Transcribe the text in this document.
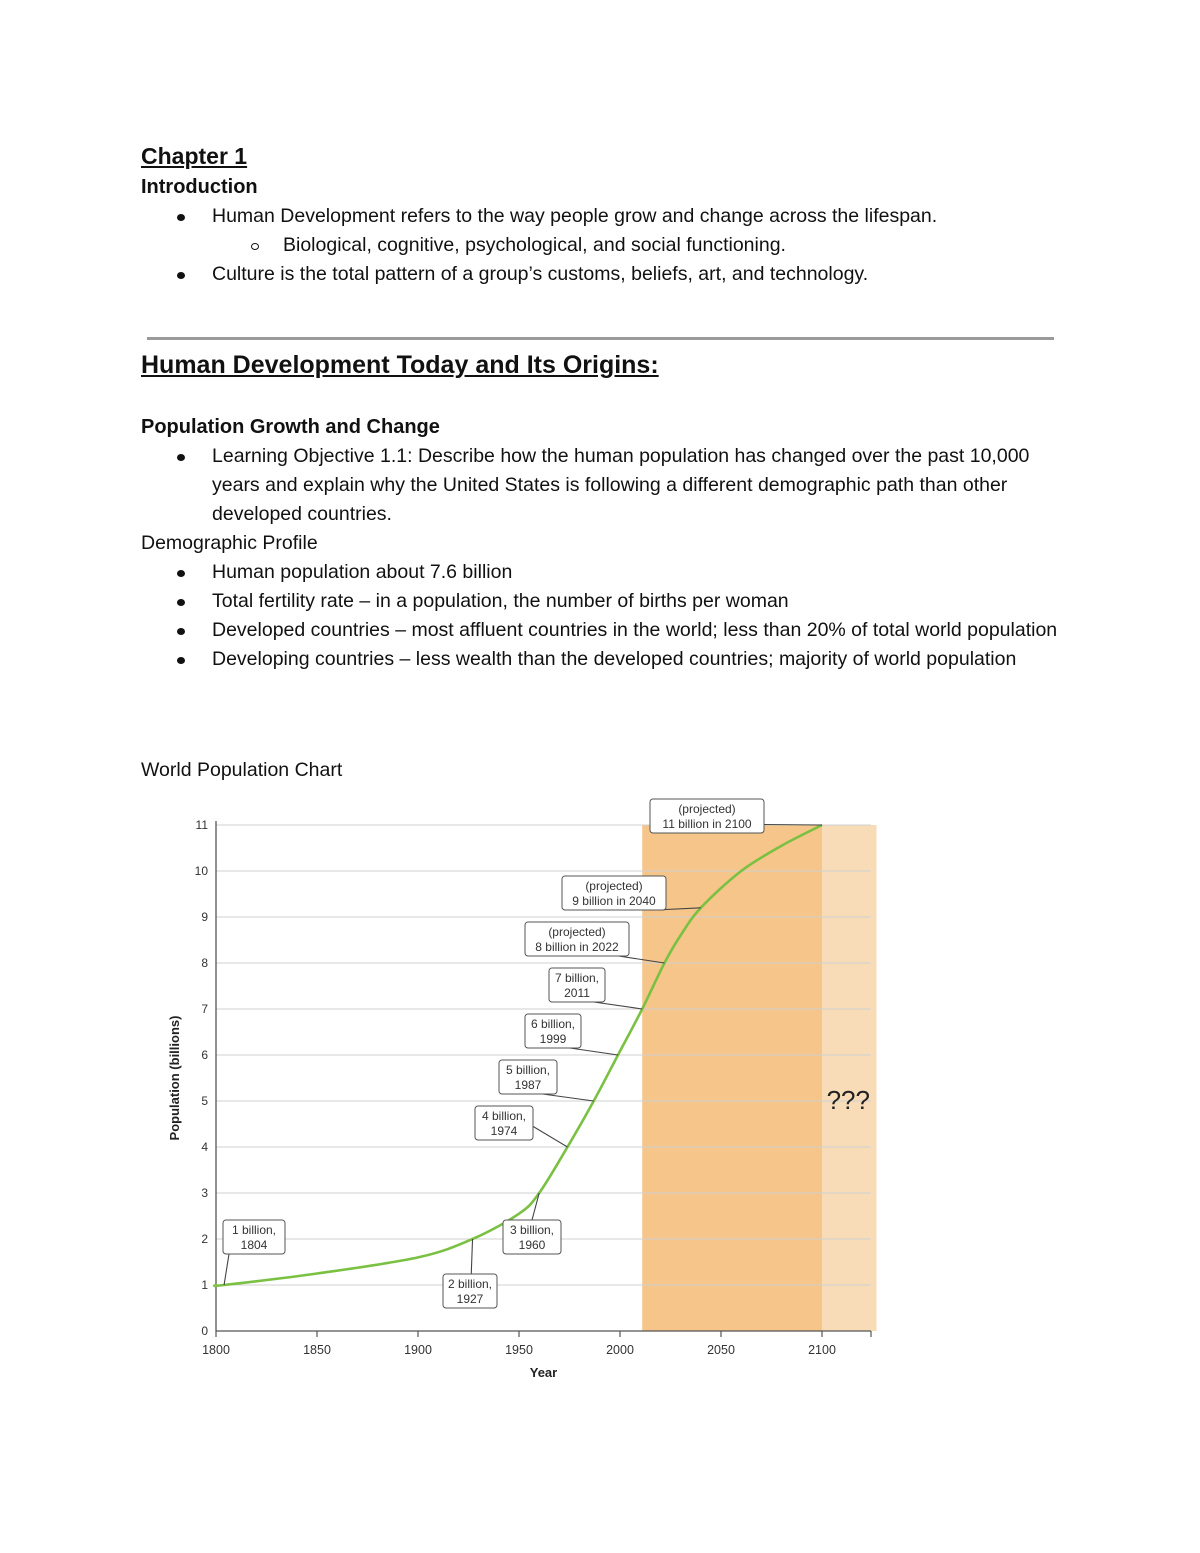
Chapter 1
Introduction
Human Development refers to the way people grow and change across the lifespan.
Biological, cognitive, psychological, and social functioning.
Culture is the total pattern of a group’s customs, beliefs, art, and technology.
Human Development Today and Its Origins:
Population Growth and Change
Learning Objective 1.1: Describe how the human population has changed over the past 10,000 years and explain why the United States is following a different demographic path than other developed countries.

Demographic Profile

Human population about 7.6 billion
Total fertility rate – in a population, the number of births per woman
Developed countries – most affluent countries in the world; less than 20% of total world population
Developing countries – less wealth than the developed countries; majority of world population

World Population Chart

0
1
2
3
4
5
6
7
8
9
10
11
1800	1850	1900	1950	2000	2050	2100
Year
Population (billions)
1 billion,
1804
2 billion,
1927
3 billion,
1960
4 billion,
1974
5 billion,
1987
6 billion,
1999
7 billion,
2011
(projected)
8 billion in 2022
(projected)
9 billion in 2040
(projected)
11 billion in 2100
???
